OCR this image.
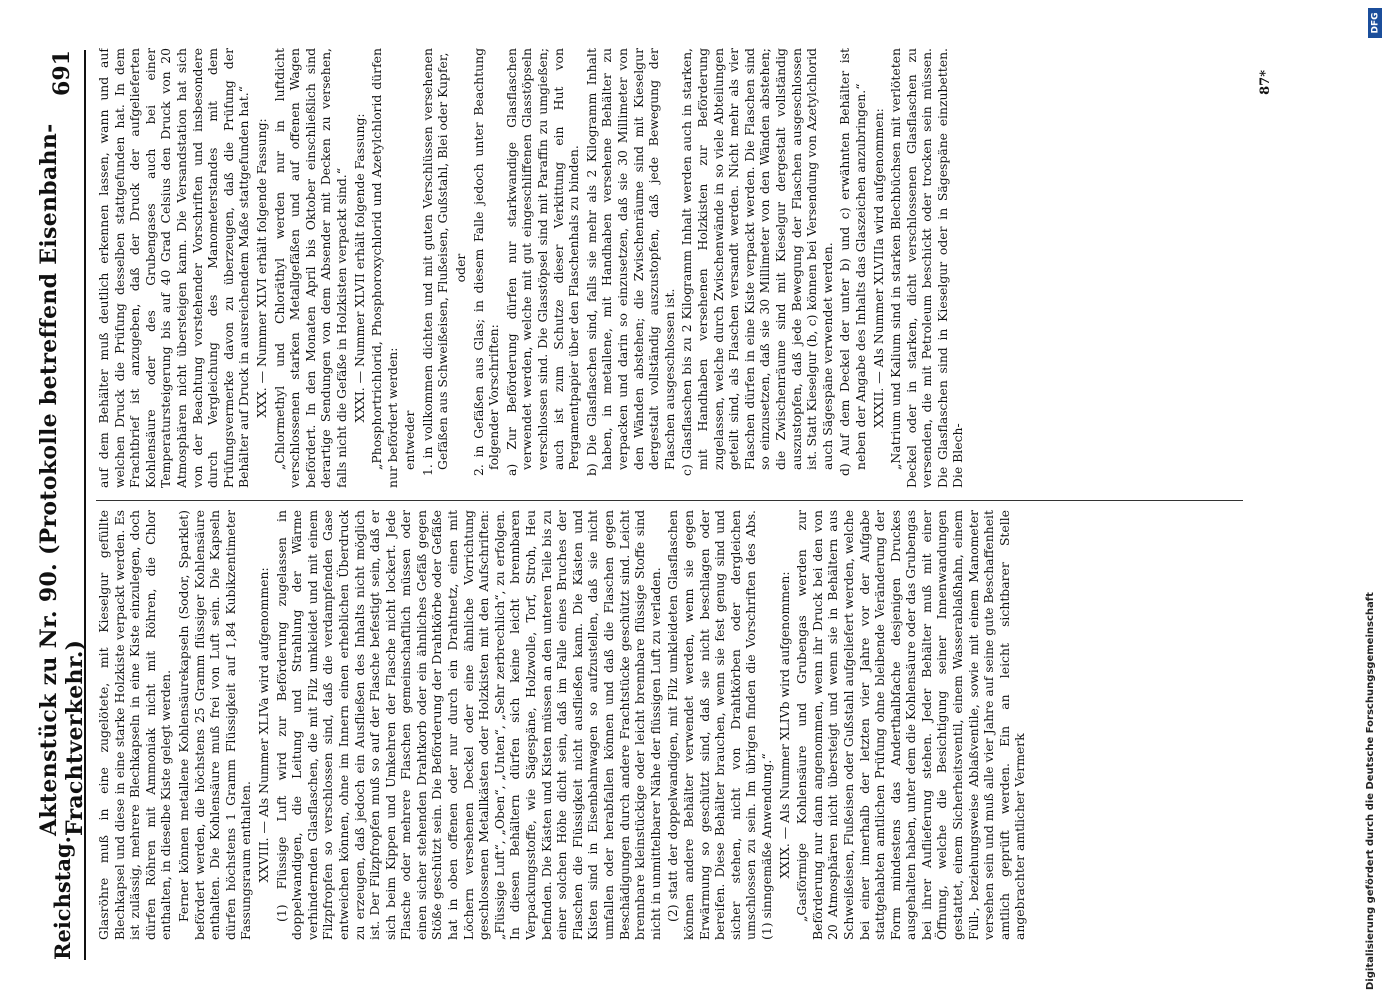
Reichstag.
Aktenstück zu Nr. 90. (Protokolle betreffend Eisenbahn-Frachtverkehr.)
691

Glasröhre muß in eine zugelötete, mit Kieselgur gefüllte Blechkapsel und diese in eine starke Holzkiste verpackt werden. Es ist zulässig, mehrere Blechkapseln in eine Kiste einzulegen, doch dürfen Röhren mit Ammoniak nicht mit Röhren, die Chlor enthalten, in dieselbe Kiste gelegt werden. Ferner können metallene Kohlensäurekapseln (Sodor, Sparklet) befördert werden, die höchstens 25 Gramm flüssiger Kohlensäure enthalten. Die Kohlensäure muß frei von Luft sein. Die Kapseln dürfen höchstens 1 Gramm Flüssigkeit auf 1,84 Kubikzentimeter Fassungsraum enthalten. XXVIII. — Als Nummer XLIVa wird aufgenommen: (1) Flüssige Luft wird zur Beförderung zugelassen in doppelwandigen, die Leitung und Strahlung der Wärme verhindernden Glasflaschen, die mit Filz umkleidet und mit einem Filzpfropfen so verschlossen sind, daß die verdampfenden Gase entweichen können, ohne im Innern einen erheblichen Überdruck zu erzeugen, daß jedoch ein Ausfließen des Inhalts nicht möglich ist. Der Filzpfropfen muß so auf der Flasche befestigt sein, daß er sich beim Kippen und Umkehren der Flasche nicht lockert. Jede Flasche oder mehrere Flaschen gemeinschaftlich müssen oder einen sicher stehenden Drahtkorb oder ein ähnliches Gefäß gegen Stöße geschützt sein. Die Beförderung der Drahtkörbe oder Gefäße hat in oben offenen oder nur durch ein Drahtnetz, einen mit Löchern versehenen Deckel oder eine ähnliche Vorrichtung geschlossenen Metallkästen oder Holzkisten mit den Aufschriften: „Flüssige Luft“, „Oben“, „Unten“, „Sehr zerbrechlich“, zu erfolgen. In diesen Behältern dürfen sich keine leicht brennbaren Verpackungsstoffe, wie Sägespäne, Holzwolle, Torf, Stroh, Heu befinden. Die Kästen und Kisten müssen an den unteren Teile bis zu einer solchen Höhe dicht sein, daß im Falle eines Bruches der Flaschen die Flüssigkeit nicht ausfließen kann. Die Kästen und Kisten sind in Eisenbahnwagen so aufzustellen, daß sie nicht umfallen oder herabfallen können und daß die Flaschen gegen Beschädigungen durch andere Frachtstücke geschützt sind. Leicht brennbare kleinstückige oder leicht brennbare flüssige Stoffe sind nicht in unmittelbarer Nähe der flüssigen Luft zu verladen. (2) statt der doppelwandigen, mit Filz umkleideten Glasflaschen können andere Behälter verwendet werden, wenn sie gegen Erwärmung so geschützt sind, daß sie nicht beschlagen oder bereifen. Diese Behälter brauchen, wenn sie fest genug sind und sicher stehen, nicht von Drahtkörben oder dergleichen umschlossen zu sein. Im übrigen finden die Vorschriften des Abs. (1) sinngemäße Anwendung.“ XXIX. — Als Nummer XLIVb wird aufgenommen: „Gasförmige Kohlensäure und Grubengas werden zur Beförderung nur dann angenommen, wenn ihr Druck bei den von 20 Atmosphären nicht übersteigt und wenn sie in Behältern aus Schweißeisen, Flußeisen oder Gußstahl aufgeliefert werden, welche bei einer innerhalb der letzten vier Jahre vor der Aufgabe stattgehabten amtlichen Prüfung ohne bleibende Veränderung der Form mindestens das Anderthalbfache desjenigen Druckes ausgehalten haben, unter dem die Kohlensäure oder das Grubengas bei ihrer Auflieferung stehen. Jeder Behälter muß mit einer Öffnung, welche die Besichtigung seiner Innenwandungen gestattet, einem Sicherheitsventil, einem Wasserablaßhahn, einem Füll-, beziehungsweise Ablaßventile, sowie mit einem Manometer versehen sein und muß alle vier Jahre auf seine gute Beschaffenheit amtlich geprüft werden. Ein an leicht sichtbarer Stelle angebrachter amtlicher Vermerk

auf dem Behälter muß deutlich erkennen lassen, wann und auf welchen Druck die Prüfung desselben stattgefunden hat. In dem Frachtbrief ist anzugeben, daß der Druck der aufgelieferten Kohlensäure oder des Grubengases auch bei einer Temperatursteigerung bis auf 40 Grad Celsius den Druck von 20 Atmosphären nicht übersteigen kann. Die Versandstation hat sich von der Beachtung vorstehender Vorschriften und insbesondere durch Vergleichung des Manometerstandes mit dem Prüfungsvermerke davon zu überzeugen, daß die Prüfung der Behälter auf Druck in ausreichendem Maße stattgefunden hat.“ XXX. — Nummer XLVI erhält folgende Fassung: „Chlormethyl und Chloräthyl werden nur in luftdicht verschlossenen starken Metallgefäßen und auf offenen Wagen befördert. In den Monaten April bis Oktober einschließlich sind derartige Sendungen von dem Absender mit Decken zu versehen, falls nicht die Gefäße in Holzkisten verpackt sind.“ XXXI. — Nummer XLVII erhält folgende Fassung: „Phosphortrichlorid, Phosphoroxychlorid und Azetylchlorid dürfen nur befördert werden: entweder 1. in vollkommen dichten und mit guten Verschlüssen versehenen Gefäßen aus Schweißeisen, Flußeisen, Gußstahl, Blei oder Kupfer, oder 2. in Gefäßen aus Glas; in diesem Falle jedoch unter Beachtung folgender Vorschriften: a) Zur Beförderung dürfen nur starkwandige Glasflaschen verwendet werden, welche mit gut eingeschliffenen Glasstöpseln verschlossen sind. Die Glasstöpsel sind mit Paraffin zu umgießen; auch ist zum Schutze dieser Verkittung ein Hut von Pergamentpapier über den Flaschenhals zu binden. b) Die Glasflaschen sind, falls sie mehr als 2 Kilogramm Inhalt haben, in metallene, mit Handhaben versehene Behälter zu verpacken und darin so einzusetzen, daß sie 30 Millimeter von den Wänden abstehen; die Zwischenräume sind mit Kieselgur dergestalt vollständig auszustopfen, daß jede Bewegung der Flaschen ausgeschlossen ist. c) Glasflaschen bis zu 2 Kilogramm Inhalt werden auch in starken, mit Handhaben versehenen Holzkisten zur Beförderung zugelassen, welche durch Zwischenwände in so viele Abteilungen geteilt sind, als Flaschen versandt werden. Nicht mehr als vier Flaschen dürfen in eine Kiste verpackt werden. Die Flaschen sind so einzusetzen, daß sie 30 Millimeter von den Wänden abstehen; die Zwischenräume sind mit Kieselgur dergestalt vollständig auszustopfen, daß jede Bewegung der Flaschen ausgeschlossen ist. Statt Kieselgur (b, c) können bei Versendung von Azetylchlorid auch Sägespäne verwendet werden. d) Auf dem Deckel der unter b) und c) erwähnten Behälter ist neben der Angabe des Inhalts das Glaszeichen anzubringen.“ XXXII. — Als Nummer XLVIIIa wird aufgenommen: „Natrium und Kalium sind in starken Blechbüchsen mit verlöteten Deckel oder in starken, dicht verschlossenen Glasflaschen zu versenden, die mit Petroleum beschickt oder trocken sein müssen. Die Glasflaschen sind in Kieselgur oder in Sägespäne einzubetten. Die Blech-

87*
DFG
Digitalisierung gefördert durch die Deutsche Forschungsgemeinschaft
